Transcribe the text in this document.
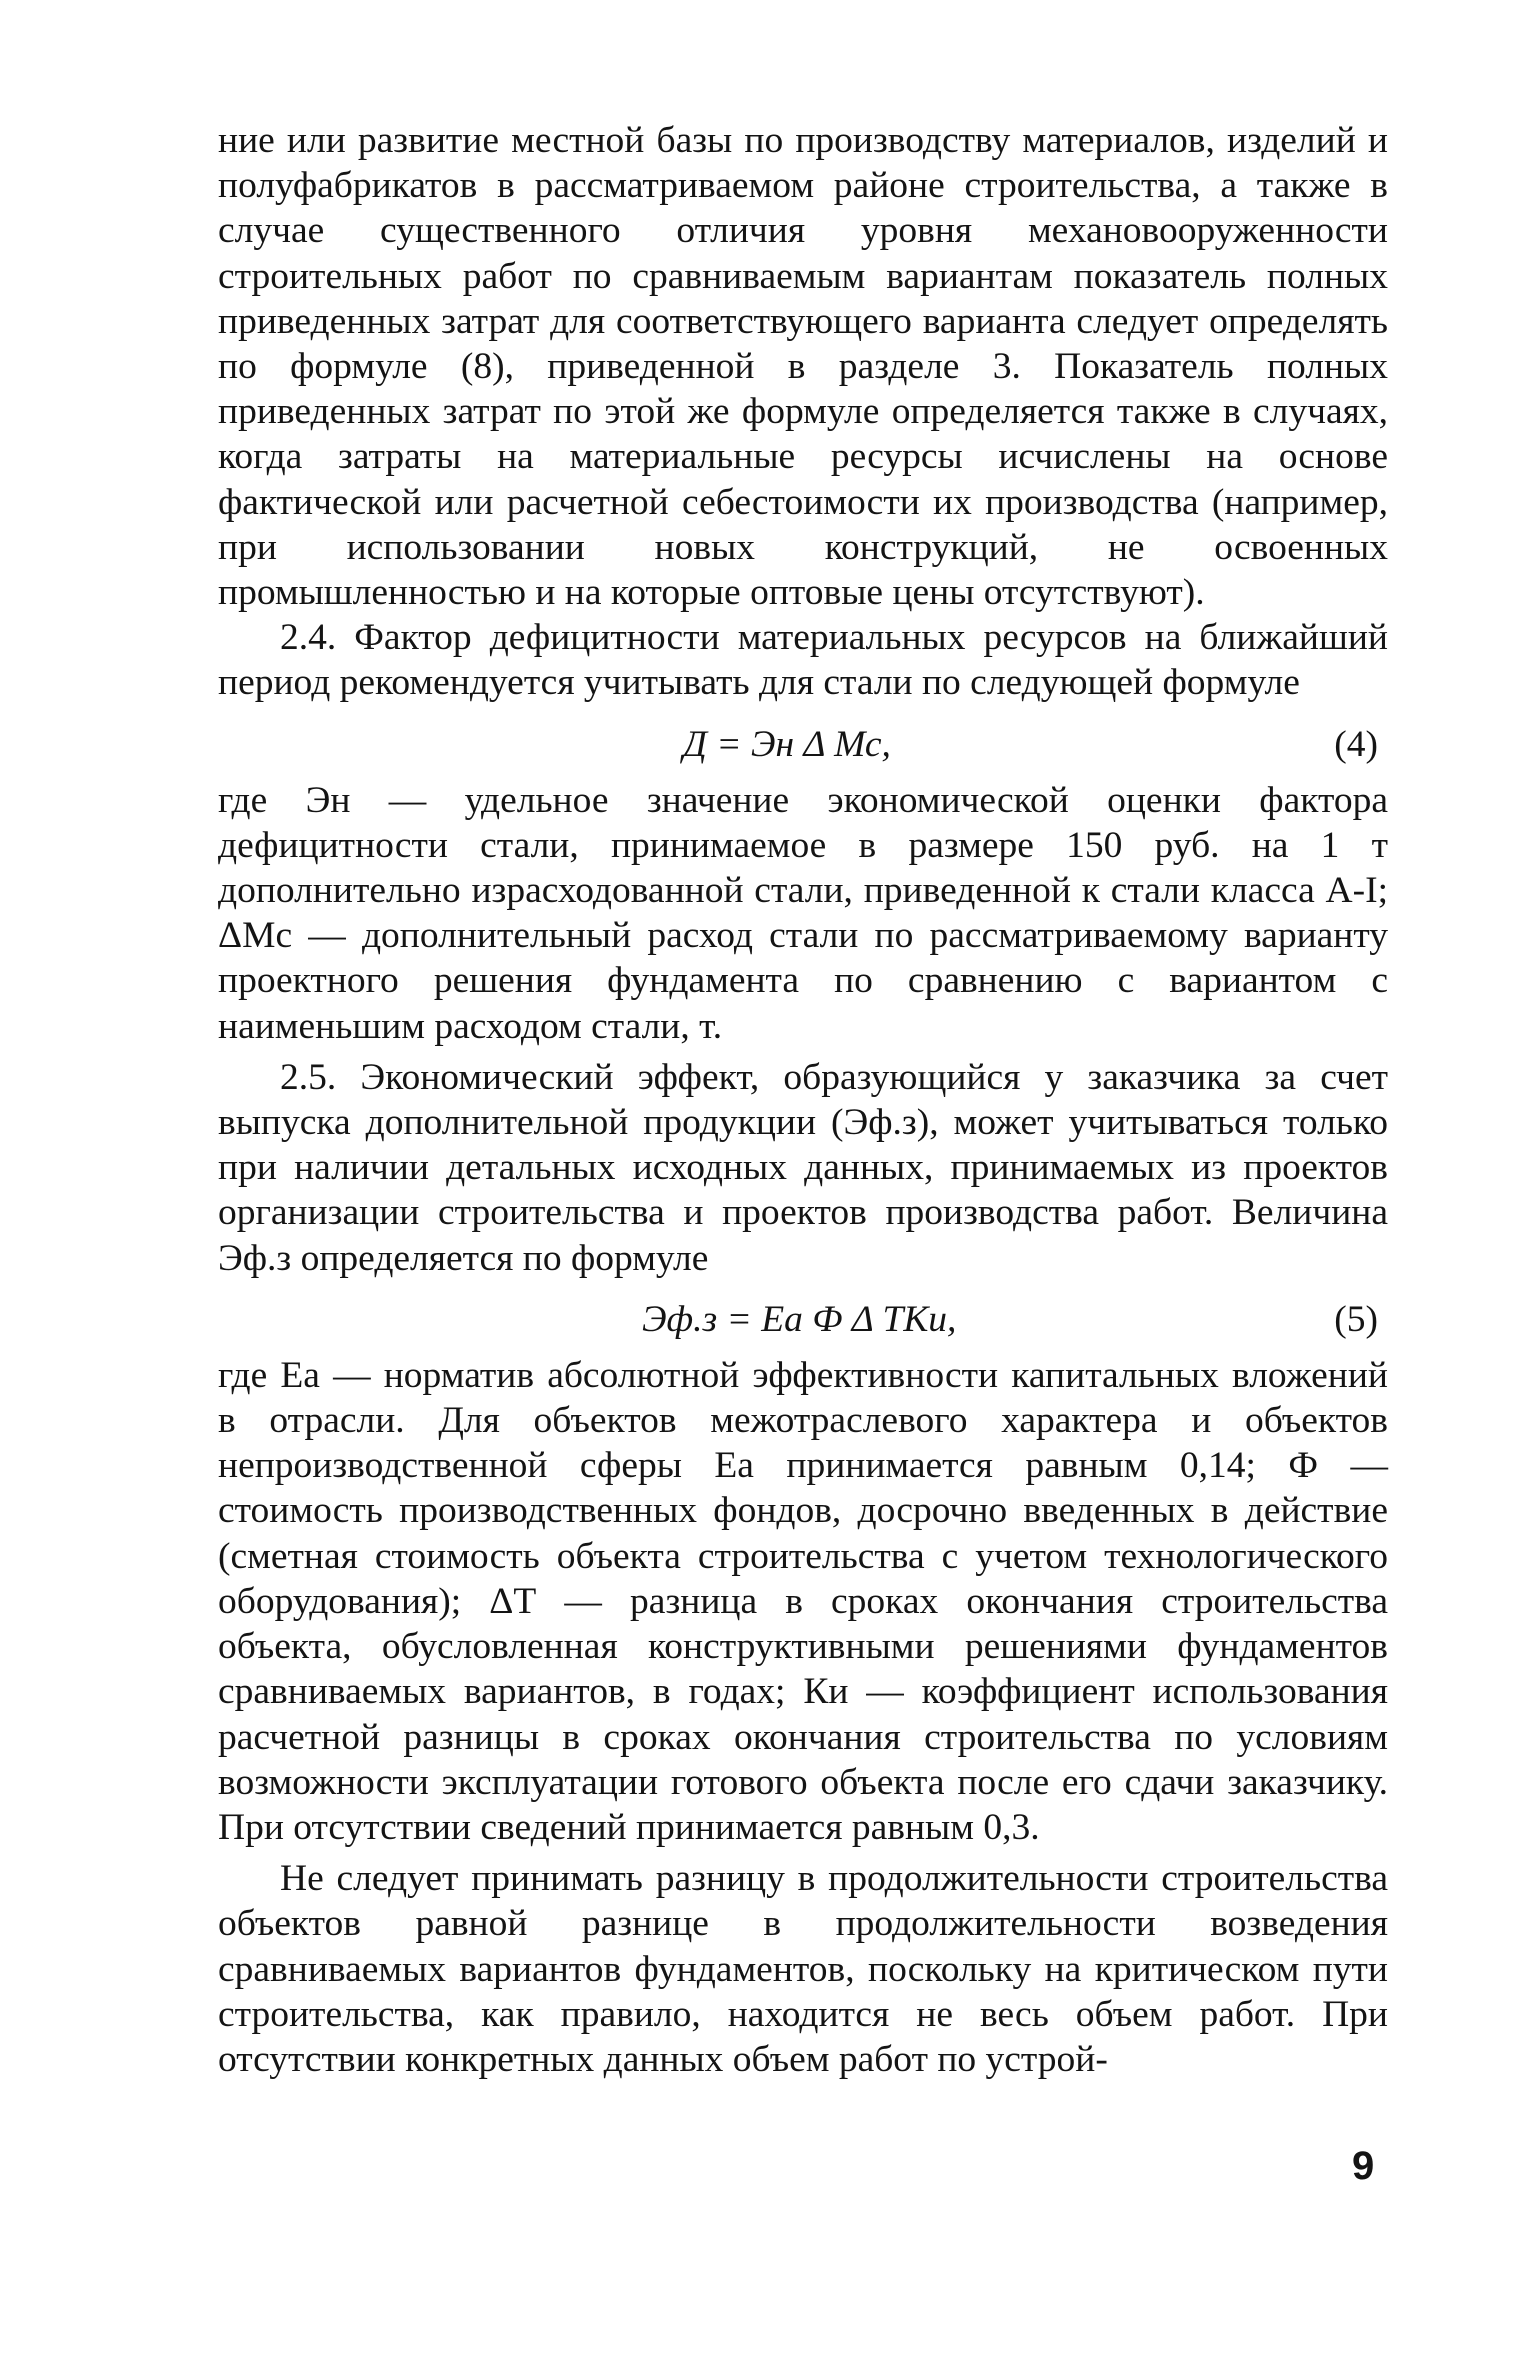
ние или развитие местной базы по производству материалов, изделий и полуфабрикатов в рассматриваемом районе строительства, а также в случае существенного отличия уровня механовооруженности строительных работ по сравниваемым вариантам показатель полных приведенных затрат для соответствующего варианта следует определять по формуле (8), приведенной в разделе 3. Показатель полных приведенных затрат по этой же формуле определяется также в случаях, когда затраты на материальные ресурсы исчислены на основе фактической или расчетной себестоимости их производства (например, при использовании новых конструкций, не освоенных промышленностью и на которые оптовые цены отсутствуют).

2.4. Фактор дефицитности материальных ресурсов на ближайший период рекомендуется учитывать для стали по следующей формуле

Д = Эн Δ Мс,	(4)

где Эн — удельное значение экономической оценки фактора дефицитности стали, принимаемое в размере 150 руб. на 1 т дополнительно израсходованной стали, приведенной к стали класса А-I; ΔМс — дополнительный расход стали по рассматриваемому варианту проектного решения фундамента по сравнению с вариантом с наименьшим расходом стали, т.

2.5. Экономический эффект, образующийся у заказчика за счет выпуска дополнительной продукции (Эф.з), может учитываться только при наличии детальных исходных данных, принимаемых из проектов организации строительства и проектов производства работ. Величина Эф.з определяется по формуле

Эф.з = Еа Ф Δ ТКи,	(5)

где Еа — норматив абсолютной эффективности капитальных вложений в отрасли. Для объектов межотраслевого характера и объектов непроизводственной сферы Еа принимается равным 0,14; Ф — стоимость производственных фондов, досрочно введенных в действие (сметная стоимость объекта строительства с учетом технологического оборудования); ΔТ — разница в сроках окончания строительства объекта, обусловленная конструктивными решениями фундаментов сравниваемых вариантов, в годах; Ки — коэффициент использования расчетной разницы в сроках окончания строительства по условиям возможности эксплуатации готового объекта после его сдачи заказчику. При отсутствии сведений принимается равным 0,3.

Не следует принимать разницу в продолжительности строительства объектов равной разнице в продолжительности возведения сравниваемых вариантов фундаментов, поскольку на критическом пути строительства, как правило, находится не весь объем работ. При отсутствии конкретных данных объем работ по устрой-

9
